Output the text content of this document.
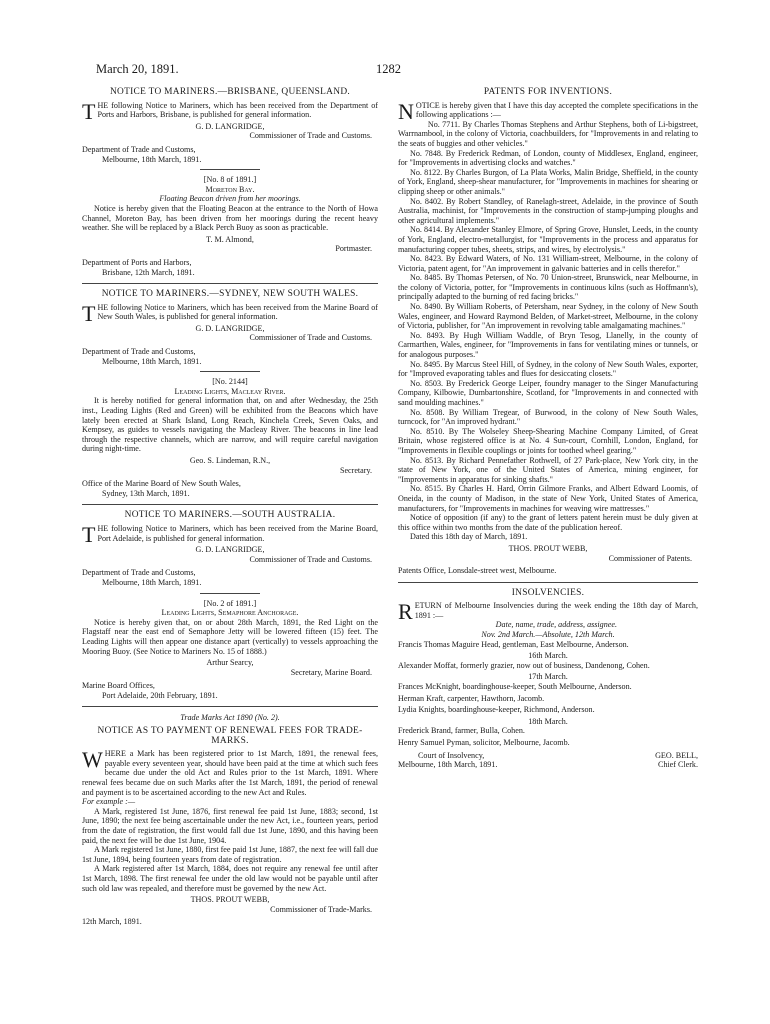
March 20, 1891.	1282
NOTICE TO MARINERS.—BRISBANE, QUEENSLAND.

THE following Notice to Mariners, which has been received from the Department of Ports and Harbors, Brisbane, is published for general information.

G. D. LANGRIDGE,
Commissioner of Trade and Customs.
Department of Trade and Customs,
Melbourne, 18th March, 1891.
[No. 8 of 1891.]
Moreton Bay.
Floating Beacon driven from her moorings.

Notice is hereby given that the Floating Beacon at the entrance to the North of Howa Channel, Moreton Bay, has been driven from her moorings during the recent heavy weather. She will be replaced by a Black Perch Buoy as soon as practicable.

T. M. Almond,
Portmaster.
Department of Ports and Harbors,
Brisbane, 12th March, 1891.
NOTICE TO MARINERS.—SYDNEY, NEW SOUTH WALES.

THE following Notice to Mariners, which has been received from the Marine Board of New South Wales, is published for general information.

G. D. LANGRIDGE,
Commissioner of Trade and Customs.
Department of Trade and Customs,
Melbourne, 18th March, 1891.
[No. 2144]
Leading Lights, Macleay River.

It is hereby notified for general information that, on and after Wednesday, the 25th inst., Leading Lights (Red and Green) will be exhibited from the Beacons which have lately been erected at Shark Island, Long Reach, Kinchela Creek, Seven Oaks, and Kempsey, as guides to vessels navigating the Macleay River. The beacons in line lead through the respective channels, which are narrow, and will require careful navigation during night-time.

Geo. S. Lindeman, R.N.,
Secretary.
Office of the Marine Board of New South Wales,
Sydney, 13th March, 1891.
NOTICE TO MARINERS.—SOUTH AUSTRALIA.

THE following Notice to Mariners, which has been received from the Marine Board, Port Adelaide, is published for general information.

G. D. LANGRIDGE,
Commissioner of Trade and Customs.
Department of Trade and Customs,
Melbourne, 18th March, 1891.
[No. 2 of 1891.]
Leading Lights, Semaphore Anchorage.

Notice is hereby given that, on or about 28th March, 1891, the Red Light on the Flagstaff near the east end of Semaphore Jetty will be lowered fifteen (15) feet. The Leading Lights will then appear one distance apart (vertically) to vessels approaching the Mooring Buoy. (See Notice to Mariners No. 15 of 1888.)

Arthur Searcy,
Secretary, Marine Board.
Marine Board Offices,
Port Adelaide, 20th February, 1891.
Trade Marks Act 1890 (No. 2).
NOTICE AS TO PAYMENT OF RENEWAL FEES FOR TRADE-MARKS.

WHERE a Mark has been registered prior to 1st March, 1891, the renewal fees, payable every seventeen year, should have been paid at the time at which such fees became due under the old Act and Rules prior to the 1st March, 1891. Where renewal fees became due on such Marks after the 1st March, 1891, the period of renewal and payment is to be ascertained according to the new Act and Rules.

For example :—

A Mark, registered 1st June, 1876, first renewal fee paid 1st June, 1883; second, 1st June, 1890; the next fee being ascertainable under the new Act, i.e., fourteen years, period from the date of registration, the first would fall due 1st June, 1890, and this having been paid, the next fee will be due 1st June, 1904.

A Mark registered 1st June, 1880, first fee paid 1st June, 1887, the next fee will fall due 1st June, 1894, being fourteen years from date of registration.

A Mark registered after 1st March, 1884, does not require any renewal fee until after 1st March, 1898. The first renewal fee under the old law would not be payable until after such old law was repealed, and therefore must be governed by the new Act.

THOS. PROUT WEBB,
Commissioner of Trade-Marks.
12th March, 1891.
PATENTS FOR INVENTIONS.

NOTICE is hereby given that I have this day accepted the complete specifications in the following applications :—

No. 7711. By Charles Thomas Stephens and Arthur Stephens, both of Li-bigstreet, Warrnambool, in the colony of Victoria, coachbuilders, for "Improvements in and relating to the seats of buggies and other vehicles."

No. 7848. By Frederick Redman, of London, county of Middlesex, England, engineer, for "Improvements in advertising clocks and watches."

No. 8122. By Charles Burgon, of La Plata Works, Malin Bridge, Sheffield, in the county of York, England, sheep-shear manufacturer, for "Improvements in machines for shearing or clipping sheep or other animals."

No. 8402. By Robert Standley, of Ranelagh-street, Adelaide, in the province of South Australia, machinist, for "Improvements in the construction of stamp-jumping ploughs and other agricultural implements."

No. 8414. By Alexander Stanley Elmore, of Spring Grove, Hunslet, Leeds, in the county of York, England, electro-metallurgist, for "Improvements in the process and apparatus for manufacturing copper tubes, sheets, strips, and wires, by electrolysis."

No. 8423. By Edward Waters, of No. 131 William-street, Melbourne, in the colony of Victoria, patent agent, for "An improvement in galvanic batteries and in cells therefor."

No. 8485. By Thomas Petersen, of No. 70 Union-street, Brunswick, near Melbourne, in the colony of Victoria, potter, for "Improvements in continuous kilns (such as Hoffmann's), principally adapted to the burning of red facing bricks."

No. 8490. By William Roberts, of Petersham, near Sydney, in the colony of New South Wales, engineer, and Howard Raymond Belden, of Market-street, Melbourne, in the colony of Victoria, publisher, for "An improvement in revolving table amalgamating machines."

No. 8493. By Hugh William Waddle, of Bryn Tesog, Llanelly, in the county of Carmarthen, Wales, engineer, for "Improvements in fans for ventilating mines or tunnels, or for analogous purposes."

No. 8495. By Marcus Steel Hill, of Sydney, in the colony of New South Wales, exporter, for "Improved evaporating tables and flues for desiccating closets."

No. 8503. By Frederick George Leiper, foundry manager to the Singer Manufacturing Company, Kilbowie, Dumbartonshire, Scotland, for "Improvements in and connected with sand moulding machines."

No. 8508. By William Tregear, of Burwood, in the colony of New South Wales, turncock, for "An improved hydrant."

No. 8510. By The Wolseley Sheep-Shearing Machine Company Limited, of Great Britain, whose registered office is at No. 4 Sun-court, Cornhill, London, England, for "Improvements in flexible couplings or joints for toothed wheel gearing."

No. 8513. By Richard Pennefather Rothwell, of 27 Park-place, New York city, in the state of New York, one of the United States of America, mining engineer, for "Improvements in apparatus for sinking shafts."

No. 8515. By Charles H. Hard, Orrin Gilmore Franks, and Albert Edward Loomis, of Oneida, in the county of Madison, in the state of New York, United States of America, manufacturers, for "Improvements in machines for weaving wire mattresses."

Notice of opposition (if any) to the grant of letters patent herein must be duly given at this office within two months from the date of the publication hereof.

Dated this 18th day of March, 1891.

THOS. PROUT WEBB,
Commissioner of Patents.
Patents Office, Lonsdale-street west, Melbourne.
INSOLVENCIES.

RETURN of Melbourne Insolvencies during the week ending the 18th day of March, 1891 :—

Date, name, trade, address, assignee.
Nov. 2nd March.—Absolute, 12th March.
Francis Thomas Maguire Head, gentleman, East Melbourne, Anderson.
16th March.
Alexander Moffat, formerly grazier, now out of business, Dandenong, Cohen.
17th March.
Frances McKnight, boardinghouse-keeper, South Melbourne, Anderson.
Herman Kraft, carpenter, Hawthorn, Jacomb.
Lydia Knights, boardinghouse-keeper, Richmond, Anderson.
18th March.
Frederick Brand, farmer, Bulla, Cohen.
Henry Samuel Pyman, solicitor, Melbourne, Jacomb.
Court of Insolvency,
Melbourne, 18th March, 1891.
GEO. BELL,
Chief Clerk.
